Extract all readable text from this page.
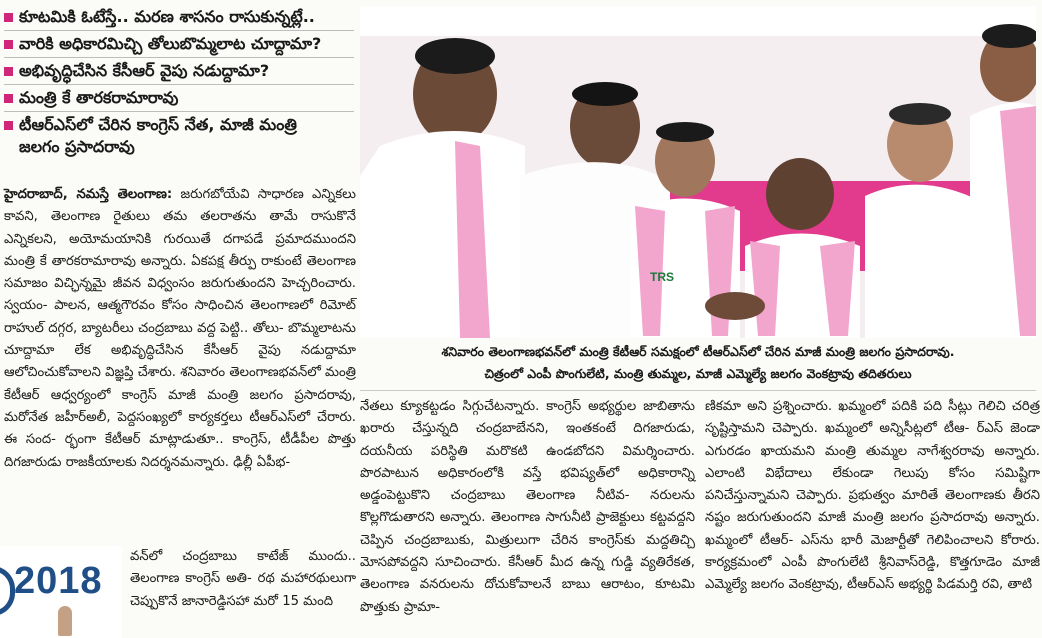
కూటమికి ఓటేస్తే.. మరణ శాసనం రాసుకున్నట్లే..
వారికి అధికారమిచ్చి తోలుబొమ్మలాట చూద్దామా?
అభివృద్ధిచేసిన కేసీఆర్ వైపు నడుద్దామా?
మంత్రి కే తారకరామారావు
టీఆర్ఎస్‌లో చేరిన కాంగ్రెస్ నేత, మాజీ మంత్రి
జలగం ప్రసాదరావు

హైదరాబాద్, నమస్తే తెలంగాణ: జరుగబోయేవి సాధారణ ఎన్నికలు కావని, తెలంగాణ రైతులు తమ తలరాతను తామే రాసుకొనే ఎన్నికలని, అయోమయానికి గురయితే దగాపడే ప్రమాదముందని మంత్రి కే తారకరామారావు అన్నారు. ఏకపక్ష తీర్పు రాకుంటే తెలంగాణ సమాజం విచ్ఛిన్నమై జీవన విధ్వంసం జరుగుతుందని హెచ్చరించారు. స్వయం- పాలన, ఆత్మగౌరవం కోసం సాధించిన తెలంగాణలో రిమోట్ రాహుల్ దగ్గర, బ్యాటరీలు చంద్రబాబు వద్ద పెట్టి.. తోలు- బొమ్మలాటను చూద్దామా లేక అభివృద్ధిచేసిన కేసీఆర్ వైపు నడుద్దామా ఆలోచించుకోవాలని విజ్ఞప్తి చేశారు. శనివారం తెలంగాణభవన్‌లో మంత్రి కేటీఆర్ ఆధ్వర్యంలో కాంగ్రెస్ మాజీ మంత్రి జలగం ప్రసాదరావు, మరోనేత జహీర్‌అలీ, పెద్దసంఖ్యలో కార్యకర్తలు టీఆర్ఎస్‌లో చేరారు. ఈ సంద- ర్భంగా కేటీఆర్ మాట్లాడుతూ.. కాంగ్రెస్, టీడీపీల పొత్తు దిగజారుడు రాజకీయాలకు నిదర్శనమన్నారు. ఢిల్లీ ఏపీభ-

2018
వన్‌లో చంద్రబాబు కాటేజ్ ముందు.. తెలంగాణ కాంగ్రెస్ అతి- రథ మహారథులుగా చెప్పుకొనే జానారెడ్డిసహా మరో 15 మంది
TRS
శనివారం తెలంగాణభవన్‌లో మంత్రి కేటీఆర్ సమక్షంలో టీఆర్ఎస్‌లో చేరిన మాజీ మంత్రి జలగం ప్రసాదరావు.
చిత్రంలో ఎంపీ పొంగులేటి, మంత్రి తుమ్మల, మాజీ ఎమ్మెల్యే జలగం వెంకట్రావు తదితరులు
నేతలు క్యూకట్టడం సిగ్గుచేటన్నారు. కాంగ్రెస్ అభ్యర్థుల జాబితాను ఖరారు చేస్తున్నది చంద్రబాబేనని, ఇంతకంటే దిగజారుడు, దయనీయ పరిస్థితి మరొకటి ఉండబోదని విమర్శించారు. పొరపాటున అధికారంలోకి వస్తే భవిష్యత్‌లో అధికారాన్ని అడ్డంపెట్టుకొని చంద్రబాబు తెలంగాణ నీటివ- నరులను కొల్లగొడుతారని అన్నారు. తెలంగాణ సాగునీటి ప్రాజెక్టులు కట్టవద్దని చెప్పిన చంద్రబాబుకు, మిత్రులుగా చేరిన కాంగ్రెస్‌కు మద్దతిచ్చి మోసపోవద్దని సూచించారు. కేసీఆర్ మీద ఉన్న గుడ్డి వ్యతిరేకత, తెలంగాణ వనరులను దోచుకోవాలనే బాబు ఆరాటం, కూటమి పొత్తుకు ప్రామా-
ణికమా అని ప్రశ్నించారు. ఖమ్మంలో పదికి పది సీట్లు గెలిచి చరిత్ర సృష్టిస్తామని చెప్పారు. ఖమ్మంలో అన్నిసీట్లలో టీఆ- ర్ఎస్ జెండా ఎగురడం ఖాయమని మంత్రి తుమ్మల నాగేశ్వరరావు అన్నారు. ఎలాంటి విభేదాలు లేకుండా గెలుపు కోసం సమిష్టిగా పనిచేస్తున్నామని చెప్పారు. ప్రభుత్వం మారితే తెలంగాణకు తీరని నష్టం జరుగుతుందని మాజీ మంత్రి జలగం ప్రసాదరావు అన్నారు. ఖమ్మంలో టీఆర్- ఎస్‌ను భారీ మెజార్టీతో గెలిపించాలని కోరారు. కార్యక్రమంలో ఎంపీ పొంగులేటి శ్రీనివాస్‌రెడ్డి, కొత్తగూడెం మాజీ ఎమ్మెల్యే జలగం వెంకట్రావు, టీఆర్ఎస్ అభ్యర్థి పిడమర్తి రవి, తాటి
